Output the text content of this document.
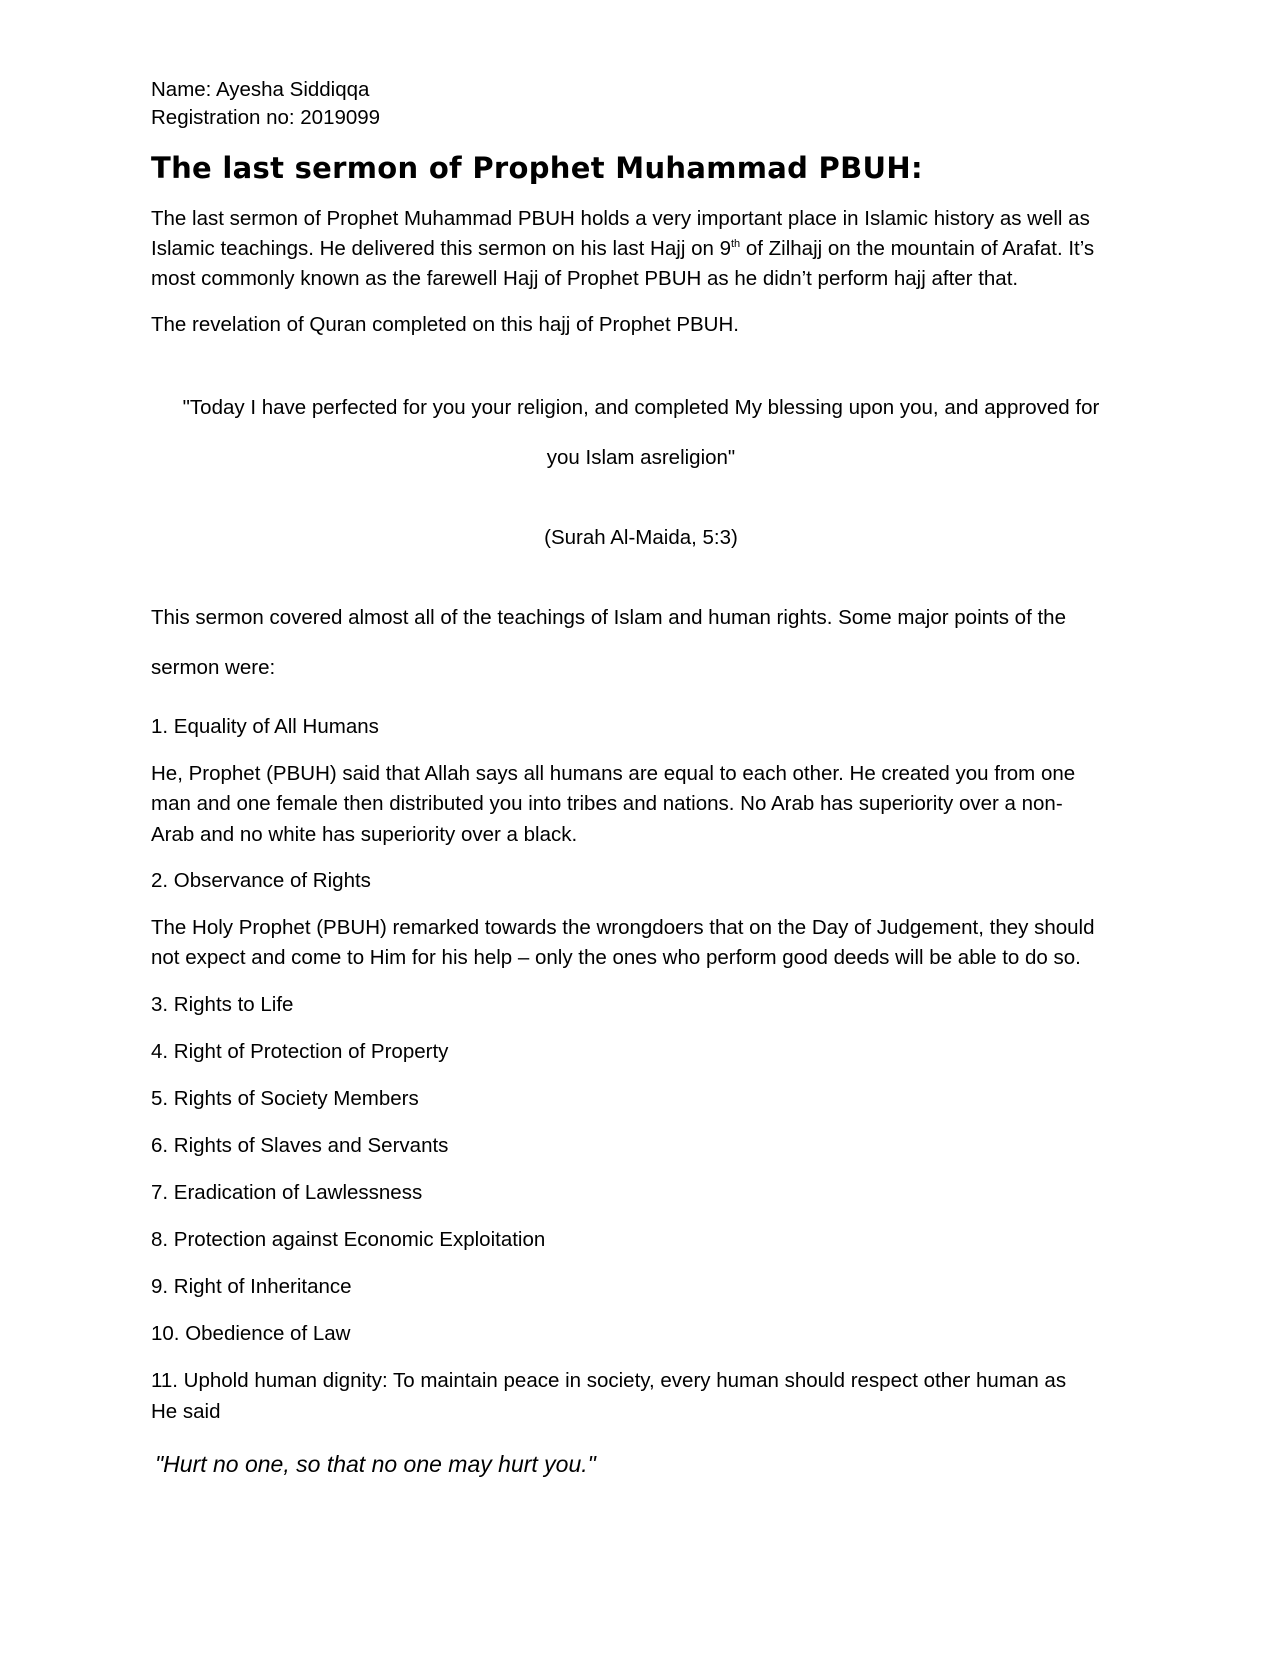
Name: Ayesha Siddiqqa
Registration no: 2019099
The last sermon of Prophet Muhammad PBUH:
The last sermon of Prophet Muhammad PBUH holds a very important place in Islamic history as well as
Islamic teachings. He delivered this sermon on his last Hajj on 9th of Zilhajj on the mountain of Arafat. It’s
most commonly known as the farewell Hajj of Prophet PBUH as he didn’t perform hajj after that.
The revelation of Quran completed on this hajj of Prophet PBUH.
"Today I have perfected for you your religion, and completed My blessing upon you, and approved for
you Islam asreligion"
(Surah Al-Maida, 5:3)
This sermon covered almost all of the teachings of Islam and human rights. Some major points of the
sermon were:
1. Equality of All Humans
He, Prophet (PBUH) said that Allah says all humans are equal to each other. He created you from one
man and one female then distributed you into tribes and nations. No Arab has superiority over a non-
Arab and no white has superiority over a black.
2. Observance of Rights
The Holy Prophet (PBUH) remarked towards the wrongdoers that on the Day of Judgement, they should
not expect and come to Him for his help – only the ones who perform good deeds will be able to do so.
3. Rights to Life
4. Right of Protection of Property
5. Rights of Society Members
6. Rights of Slaves and Servants
7. Eradication of Lawlessness
8. Protection against Economic Exploitation
9. Right of Inheritance
10. Obedience of Law
11. Uphold human dignity: To maintain peace in society, every human should respect other human as
He said
"Hurt no one, so that no one may hurt you."
